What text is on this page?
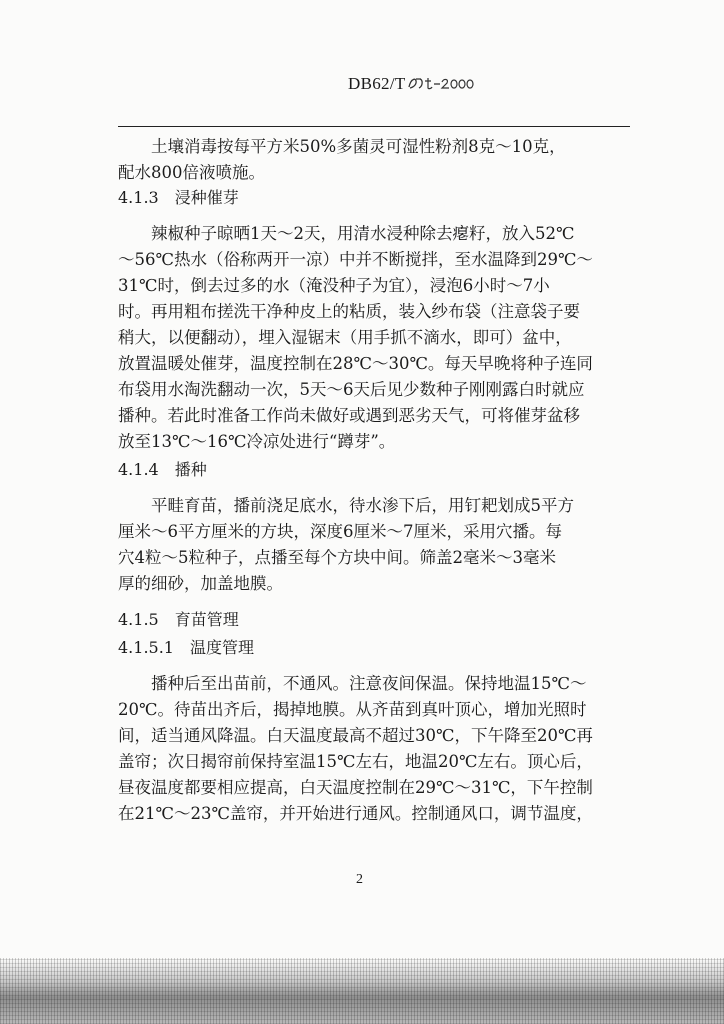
DB62/T
　　土壤消毒按每平方米50%多菌灵可湿性粉剂8克～10克，
配水800倍液喷施。
4.1.3　浸种催芽
　　辣椒种子晾晒1天～2天，用清水浸种除去瘪籽，放入52℃
～56℃热水（俗称两开一凉）中并不断搅拌，至水温降到29℃～
31℃时，倒去过多的水（淹没种子为宜），浸泡6小时～7小
时。再用粗布搓洗干净种皮上的粘质，装入纱布袋（注意袋子要
稍大，以便翻动），埋入湿锯末（用手抓不滴水，即可）盆中，
放置温暖处催芽，温度控制在28℃～30℃。每天早晚将种子连同
布袋用水淘洗翻动一次，5天～6天后见少数种子刚刚露白时就应
播种。若此时准备工作尚未做好或遇到恶劣天气，可将催芽盆移
放至13℃～16℃冷凉处进行“蹲芽”。
4.1.4　播种
　　平畦育苗，播前浇足底水，待水渗下后，用钉耙划成5平方
厘米～6平方厘米的方块，深度6厘米～7厘米，采用穴播。每
穴4粒～5粒种子，点播至每个方块中间。筛盖2毫米～3毫米
厚的细砂，加盖地膜。
4.1.5　育苗管理
4.1.5.1　温度管理
　　播种后至出苗前，不通风。注意夜间保温。保持地温15℃～
20℃。待苗出齐后，揭掉地膜。从齐苗到真叶顶心，增加光照时
间，适当通风降温。白天温度最高不超过30℃，下午降至20℃再
盖帘；次日揭帘前保持室温15℃左右，地温20℃左右。顶心后，
昼夜温度都要相应提高，白天温度控制在29℃～31℃，下午控制
在21℃～23℃盖帘，并开始进行通风。控制通风口，调节温度，
2
